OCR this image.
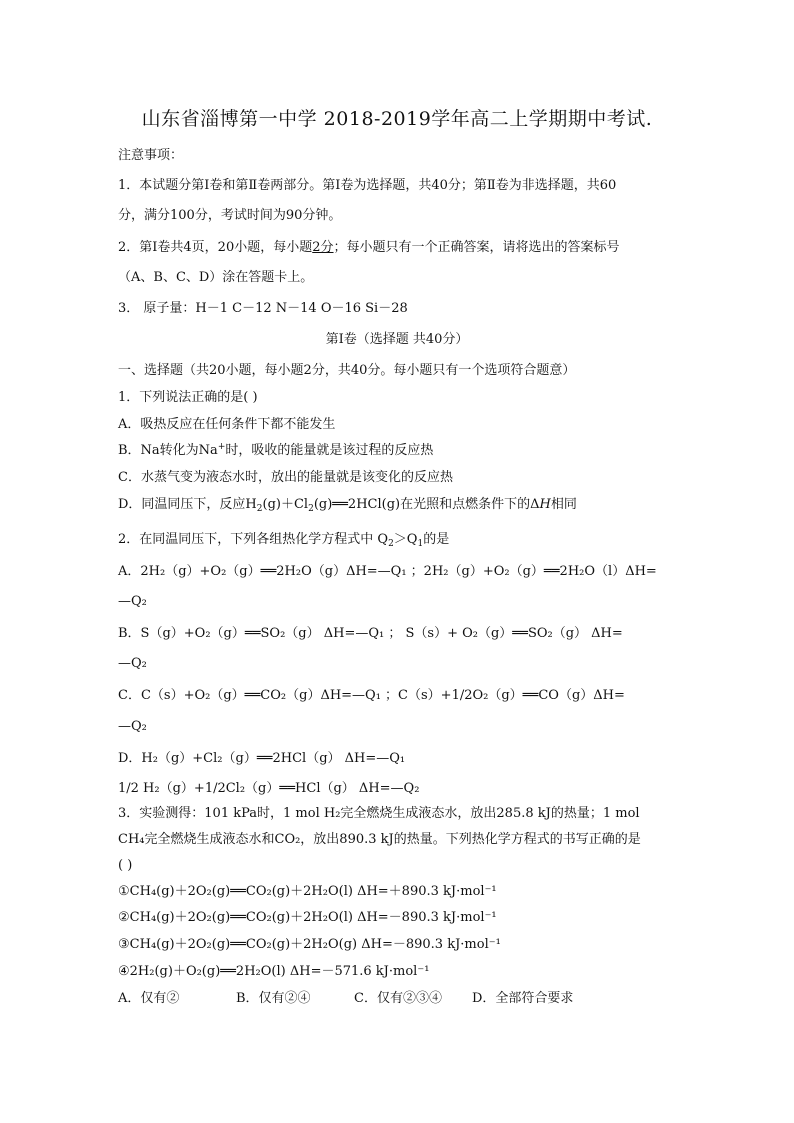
山东省淄博第一中学 2018-2019学年高二上学期期中考试.
注意事项：
1．本试题分第Ⅰ卷和第Ⅱ卷两部分。第Ⅰ卷为选择题，共40分；第Ⅱ卷为非选择题，共60
分，满分100分，考试时间为90分钟。
2．第Ⅰ卷共4页，20小题，每小题2分；每小题只有一个正确答案，请将选出的答案标号
（A、B、C、D）涂在答题卡上。
3． 原子量：H－1 C－12 N－14 O－16 Si－28
第Ⅰ卷（选择题 共40分）
一、选择题（共20小题，每小题2分，共40分。每小题只有一个选项符合题意）
1．下列说法正确的是( )
A．吸热反应在任何条件下都不能发生
B．Na转化为Na+时，吸收的能量就是该过程的反应热
C．水蒸气变为液态水时，放出的能量就是该变化的反应热
D．同温同压下，反应$H_2(g)+Cl_2(g)══2HCl(g)$在光照和点燃条件下的ΔH相同
2．在同温同压下，下列各组热化学方程式中 $Q_2>Q_1$的是
A．2H₂（g）+O₂（g）══2H₂O（g）ΔH=—Q₁ ；2H₂（g）+O₂（g）══2H₂O（l）ΔH=
—Q₂
B．S（g）+O₂（g）══SO₂（g） ΔH=—Q₁ ； S（s）+ O₂（g）══SO₂（g） ΔH=
—Q₂
C．C（s）+O₂（g）══CO₂（g）ΔH=—Q₁ ；C（s）+1/2O₂（g）══CO（g）ΔH=
—Q₂
D．H₂（g）+Cl₂（g）══2HCl（g） ΔH=—Q₁
1/2 H₂（g）+1/2Cl₂（g）══HCl（g） ΔH=—Q₂
3．实验测得：101 kPa时，1 mol H₂完全燃烧生成液态水，放出285.8 kJ的热量；1 mol
CH₄完全燃烧生成液态水和CO₂，放出890.3 kJ的热量。下列热化学方程式的书写正确的是
( )
①CH₄(g)＋2O₂(g)══CO₂(g)＋2H₂O(l) ΔH=＋890.3 kJ·mol⁻¹
②CH₄(g)＋2O₂(g)══CO₂(g)＋2H₂O(l) ΔH=－890.3 kJ·mol⁻¹
③CH₄(g)＋2O₂(g)══CO₂(g)＋2H₂O(g) ΔH=－890.3 kJ·mol⁻¹
④2H₂(g)＋O₂(g)══2H₂O(l) ΔH=－571.6 kJ·mol⁻¹
A．仅有②	B．仅有②④	C．仅有②③④ D．全部符合要求
